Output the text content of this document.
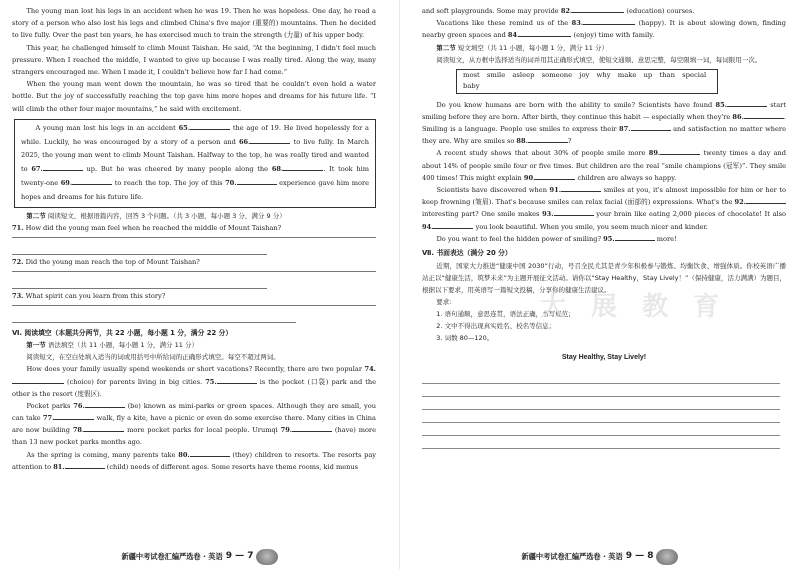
The young man lost his legs in an accident when he was 19. Then he was hopeless. One day, he read a story of a person who also lost his legs and climbed China's five major (重要的) mountains. Then he decided to live fully. Over the past ten years, he has exercised much to train the strength (力量) of his upper body.

This year, he challenged himself to climb Mount Taishan. He said, “At the beginning, I didn't feel much pressure. When I reached the middle, I wanted to give up because I was really tired. Along the way, many strangers encouraged me. When I made it, I couldn't believe how far I had come.”

When the young man went down the mountain, he was so tired that he couldn't even hold a water bottle. But the joy of successfully reaching the top gave him more hopes and dreams for his future life. “I will climb the other four major mountains,” he said with excitement.

A young man lost his legs in an accident 65.	the age of 19. He lived hopelessly for a while. Luckily, he was encouraged by a story of a person and 66.	to live fully. In March 2025, the young man went to climb Mount Taishan. Halfway to the top, he was really tired and wanted to 67.	up. But he was cheered by many people along the 68.	. It took him twenty-one 69.	to reach the top. The joy of this 70.	experience gave him more hopes and dreams for his future life.

第二节 阅读短文，根据语篇内容，回答 3 个问题。（共 3 小题，每小题 3 分，满分 9 分）

71. How did the young man feel when he reached the middle of Mount Taishan?
72. Did the young man reach the top of Mount Taishan?
73. What spirit can you learn from this story?

Ⅵ. 阅读填空（本题共分两节，共 22 小题，每小题 1 分，满分 22 分）

第一节 语法填空（共 11 小题，每小题 1 分，满分 11 分）

阅读短文，在空白处填入适当的词或用括号中所给词的正确形式填空。每空不超过两词。

How does your family usually spend weekends or short vacations? Recently, there are two popular 74. (choice) for parents living in big cities. 75.	is the pocket (口袋) park and the other is the resort (度假区).

Pocket parks 76.	(be) known as mini-parks or green spaces. Although they are small, you can take 77.	walk, fly a kite, have a picnic or even do some exercise there. Many cities in China are now building 78.	more pocket parks for local people. Urumqi 79.	(have) more than 13 new pocket parks months ago.

As the spring is coming, many parents take 80.	(they) children to resorts. The resorts pay attention to 81.	(child) needs of different ages. Some resorts have theme rooms, kid menus

新疆中考试卷汇编严选卷 · 英语 9 — 7

and soft playgrounds. Some may provide 82.	(education) courses.

Vacations like these remind us of the 83.	(happy). It is about slowing down, finding nearby green spaces and 84.	(enjoy) time with family.

第二节 短文填空（共 11 小题，每小题 1 分，满分 11 分）

阅读短文，从方框中选择适当的词并用其正确形式填空，使短文通顺、意思完整，每空限填一词，每词限用一次。

most smile asleep someone joy why make up than special baby

Do you know humans are born with the ability to smile? Scientists have found 85.	start smiling before they are born. After birth, they continue this habit — especially when they're 86.	. Smiling is a language. People use smiles to express their 87.	and satisfaction no matter where they are. Why are smiles so 88.	?

A recent study shows that about 30% of people smile more 89.	twenty times a day and about 14% of people smile four or five times. But children are the real “smile champions (冠军)”. They smile 400 times! This might explain 90.	children are always so happy.

Scientists have discovered when 91.	smiles at you, it's almost impossible for him or her to keep frowning (皱眉). That's because smiles can relax facial (面部的) expressions. What's the 92. interesting part? One smile makes 93.	your brain like eating 2,000 pieces of chocolate! It also 94.	you look beautiful. When you smile, you seem much nicer and kinder.

Do you want to feel the hidden power of smiling? 95.	more!

Ⅶ. 书面表达（满分 20 分）

近期，国家大力推进“健康中国 2030”行动，号召全民尤其是青少年积极参与锻炼、均衡饮食、增强体质。你校英语广播站正以“健康生活，筑梦未来”为主题开展征文活动。请你以“Stay Healthy，Stay Lively！”（保持健康，活力满满）为题目，根据以下要求，用英语写一篇短文投稿，分享你的健康生活建议。

要求：

1. 语句通顺，意思连贯，语法正确，书写规范；

2. 文中不得出现真实姓名、校名等信息；

3. 词数 80—120。

Stay Healthy, Stay Lively!

新疆中考试卷汇编严选卷 · 英语 9 — 8
大 展 教 育
